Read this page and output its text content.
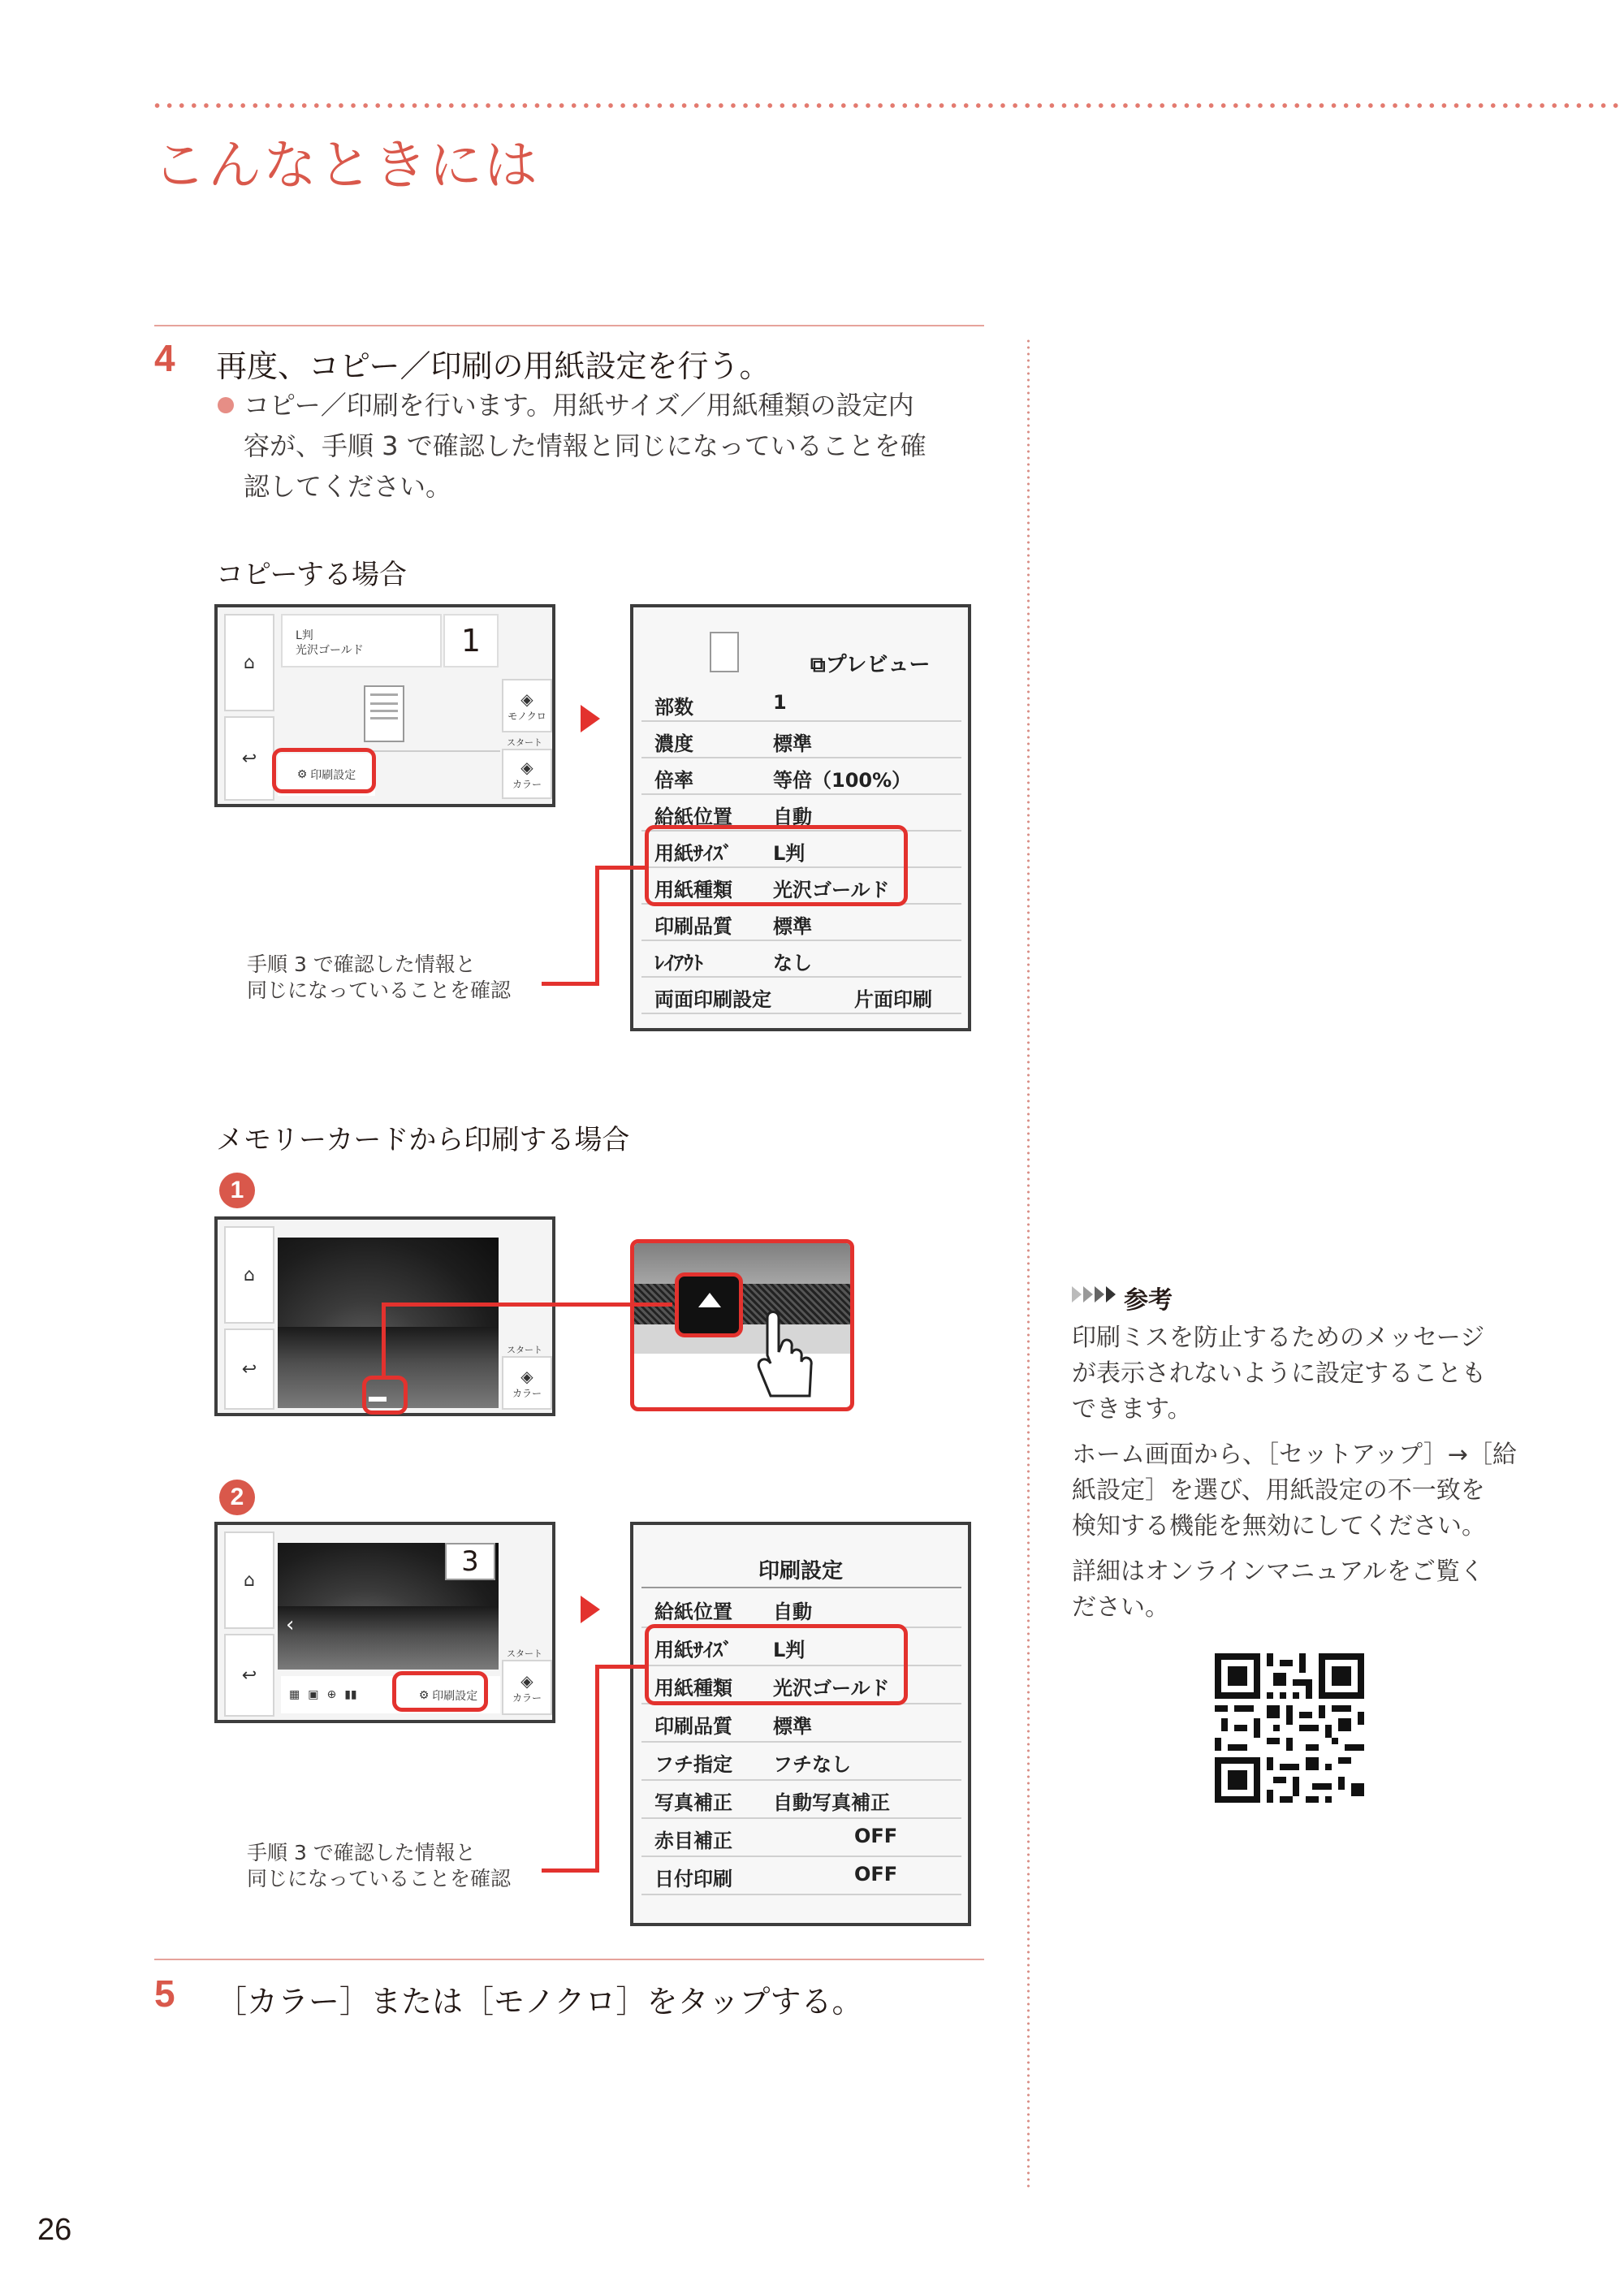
こんなときには
4 再度、コピー／印刷の用紙設定を行う。
コピー／印刷を行います。用紙サイズ／用紙種類の設定内
容が、手順 3 で確認した情報と同じになっていることを確
認してください。
コピーする場合
⌂
↩
L判
光沢ゴールド	1
◈
モノクロ
スタート
◈
カラー
⚙ 印刷設定
⧉プレビュー
部数	1
濃度	標準
倍率	等倍（100%）
給紙位置 自動
用紙ｻｲｽﾞ L判
用紙種類 光沢ゴールド
印刷品質 標準
ﾚｲｱｳﾄ	なし
両面印刷設定	片面印刷
手順 3 で確認した情報と
同じになっていることを確認
メモリーカードから印刷する場合
1
⌂
↩
スタート
◈
カラー
2
⌂
↩
‹
3
▦ ▣ ⊕ ▮▮	⚙ 印刷設定
スタート
◈
カラー
印刷設定
給紙位置 自動
用紙ｻｲｽﾞ L判
用紙種類 光沢ゴールド
印刷品質 標準
フチ指定 フチなし
写真補正 自動写真補正
赤目補正	OFF
日付印刷	OFF
手順 3 で確認した情報と
同じになっていることを確認
5 ［カラー］または［モノクロ］をタップする。
参考
印刷ミスを防止するためのメッセージ
が表示されないように設定することも
できます。
ホーム画面から、［セットアップ］→［給
紙設定］を選び、用紙設定の不一致を
検知する機能を無効にしてください。
詳細はオンラインマニュアルをご覧く
ださい。
26
